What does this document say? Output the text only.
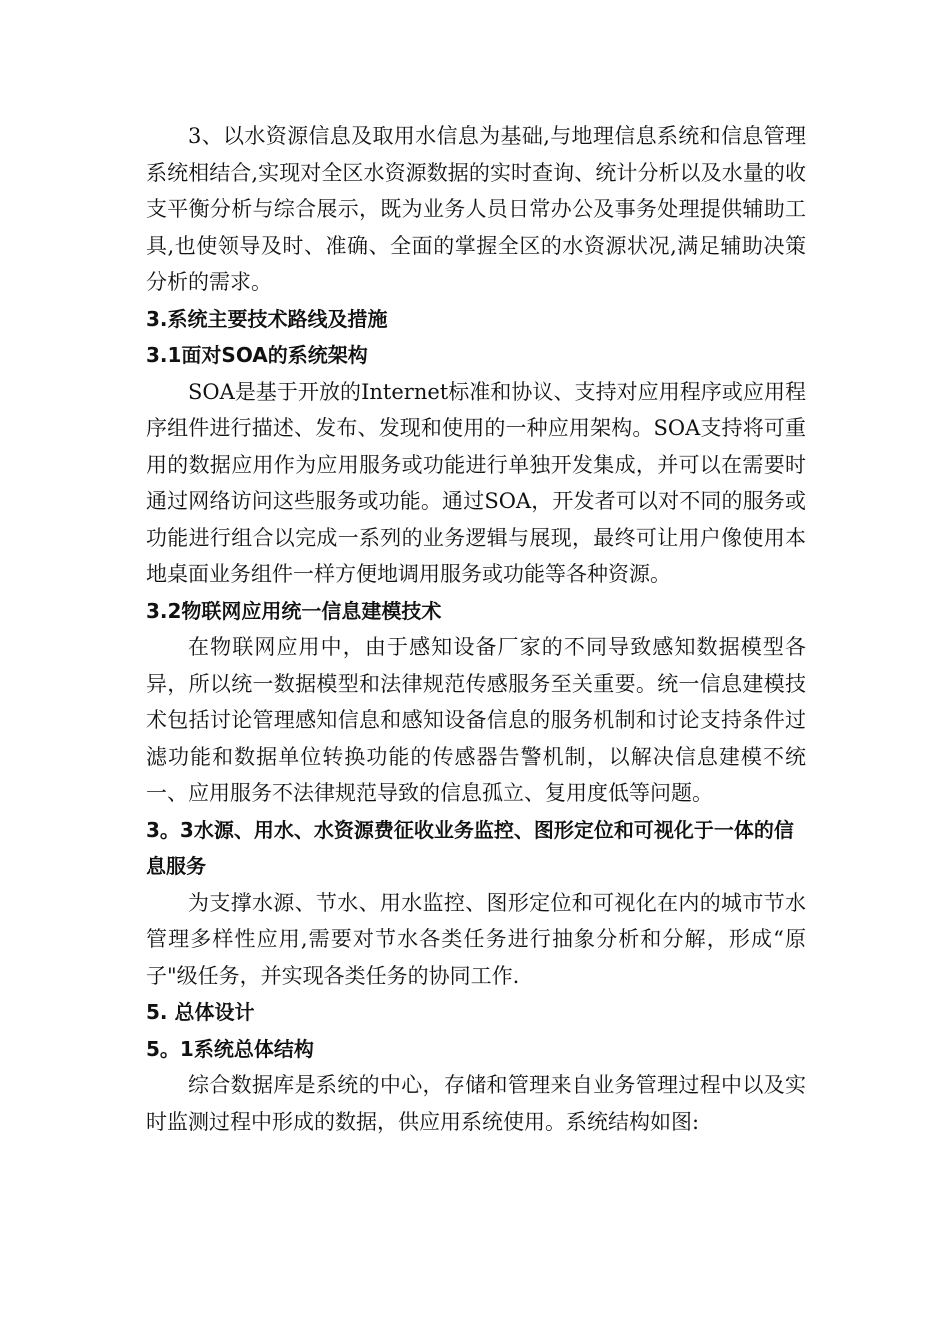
3、以水资源信息及取用水信息为基础,与地理信息系统和信息管理系统相结合,实现对全区水资源数据的实时查询、统计分析以及水量的收支平衡分析与综合展示，既为业务人员日常办公及事务处理提供辅助工具,也使领导及时、准确、全面的掌握全区的水资源状况,满足辅助决策分析的需求。

3.系统主要技术路线及措施

3.1面对SOA的系统架构

SOA是基于开放的Internet标准和协议、支持对应用程序或应用程序组件进行描述、发布、发现和使用的一种应用架构。SOA支持将可重用的数据应用作为应用服务或功能进行单独开发集成，并可以在需要时通过网络访问这些服务或功能。通过SOA，开发者可以对不同的服务或功能进行组合以完成一系列的业务逻辑与展现，最终可让用户像使用本地桌面业务组件一样方便地调用服务或功能等各种资源。

3.2物联网应用统一信息建模技术

在物联网应用中，由于感知设备厂家的不同导致感知数据模型各异，所以统一数据模型和法律规范传感服务至关重要。统一信息建模技术包括讨论管理感知信息和感知设备信息的服务机制和讨论支持条件过滤功能和数据单位转换功能的传感器告警机制，以解决信息建模不统一、应用服务不法律规范导致的信息孤立、复用度低等问题。

3。3水源、用水、水资源费征收业务监控、图形定位和可视化于一体的信息服务

为支撑水源、节水、用水监控、图形定位和可视化在内的城市节水管理多样性应用,需要对节水各类任务进行抽象分析和分解，形成“原子"级任务，并实现各类任务的协同工作.

5. 总体设计

5。1系统总体结构

综合数据库是系统的中心，存储和管理来自业务管理过程中以及实时监测过程中形成的数据，供应用系统使用。系统结构如图:
